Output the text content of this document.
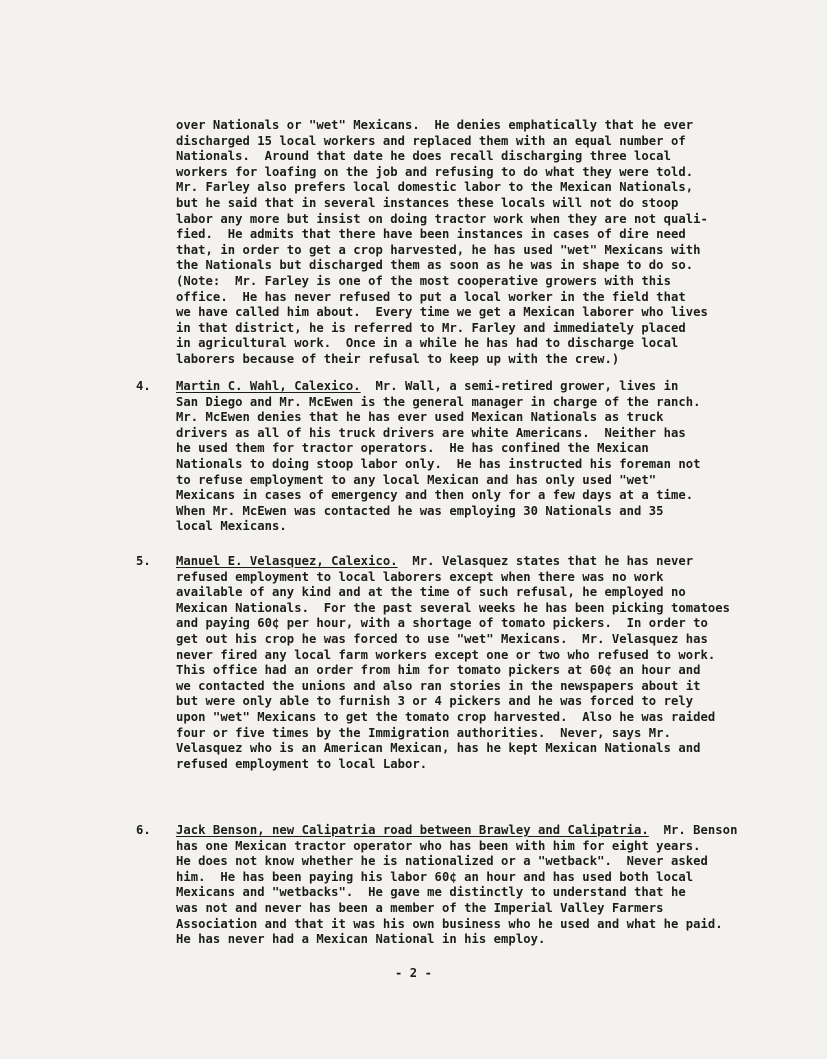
over Nationals or "wet" Mexicans.  He denies emphatically that he ever
discharged 15 local workers and replaced them with an equal number of
Nationals.  Around that date he does recall discharging three local
workers for loafing on the job and refusing to do what they were told.
Mr. Farley also prefers local domestic labor to the Mexican Nationals,
but he said that in several instances these locals will not do stoop
labor any more but insist on doing tractor work when they are not quali-
fied.  He admits that there have been instances in cases of dire need
that, in order to get a crop harvested, he has used "wet" Mexicans with
the Nationals but discharged them as soon as he was in shape to do so.
(Note:  Mr. Farley is one of the most cooperative growers with this
office.  He has never refused to put a local worker in the field that
we have called him about.  Every time we get a Mexican laborer who lives
in that district, he is referred to Mr. Farley and immediately placed
in agricultural work.  Once in a while he has had to discharge local
laborers because of their refusal to keep up with the crew.)
4.	Martin C. Wahl, Calexico.  Mr. Wall, a semi-retired grower, lives in
San Diego and Mr. McEwen is the general manager in charge of the ranch.
Mr. McEwen denies that he has ever used Mexican Nationals as truck
drivers as all of his truck drivers are white Americans.  Neither has
he used them for tractor operators.  He has confined the Mexican
Nationals to doing stoop labor only.  He has instructed his foreman not
to refuse employment to any local Mexican and has only used "wet"
Mexicans in cases of emergency and then only for a few days at a time.
When Mr. McEwen was contacted he was employing 30 Nationals and 35
local Mexicans.
5.	Manuel E. Velasquez, Calexico.  Mr. Velasquez states that he has never
refused employment to local laborers except when there was no work
available of any kind and at the time of such refusal, he employed no
Mexican Nationals.  For the past several weeks he has been picking tomatoes
and paying 60¢ per hour, with a shortage of tomato pickers.  In order to
get out his crop he was forced to use "wet" Mexicans.  Mr. Velasquez has
never fired any local farm workers except one or two who refused to work.
This office had an order from him for tomato pickers at 60¢ an hour and
we contacted the unions and also ran stories in the newspapers about it
but were only able to furnish 3 or 4 pickers and he was forced to rely
upon "wet" Mexicans to get the tomato crop harvested.  Also he was raided
four or five times by the Immigration authorities.  Never, says Mr.
Velasquez who is an American Mexican, has he kept Mexican Nationals and
refused employment to local Labor.
6.	Jack Benson, new Calipatria road between Brawley and Calipatria.  Mr. Benson
has one Mexican tractor operator who has been with him for eight years.
He does not know whether he is nationalized or a "wetback".  Never asked
him.  He has been paying his labor 60¢ an hour and has used both local
Mexicans and "wetbacks".  He gave me distinctly to understand that he
was not and never has been a member of the Imperial Valley Farmers
Association and that it was his own business who he used and what he paid.
He has never had a Mexican National in his employ.
- 2 -
